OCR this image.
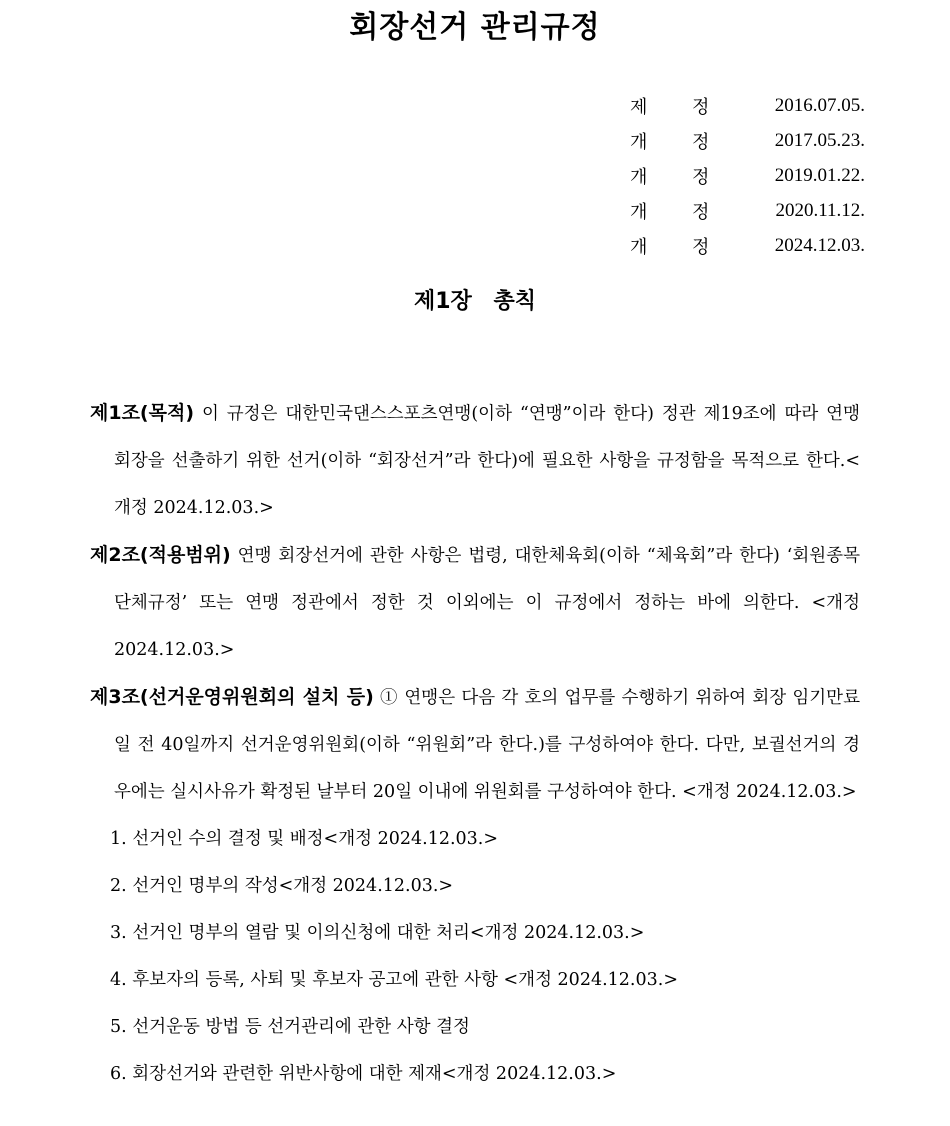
회장선거 관리규정
제	정	2016.07.05.
개	정	2017.05.23.
개	정	2019.01.22.
개	정	2020.11.12.
개	정	2024.12.03.
제1장 총칙

제1조(목적) 이 규정은 대한민국댄스스포츠연맹(이하 “연맹”이라 한다) 정관 제19조에 따라 연맹 회장을 선출하기 위한 선거(이하 “회장선거”라 한다)에 필요한 사항을 규정함을 목적으로 한다.<개정 2024.12.03.>

제2조(적용범위) 연맹 회장선거에 관한 사항은 법령, 대한체육회(이하 “체육회”라 한다) ‘회원종목단체규정’ 또는 연맹 정관에서 정한 것 이외에는 이 규정에서 정하는 바에 의한다. <개정 2024.12.03.>

제3조(선거운영위원회의 설치 등) ① 연맹은 다음 각 호의 업무를 수행하기 위하여 회장 임기만료일 전 40일까지 선거운영위원회(이하 “위원회”라 한다.)를 구성하여야 한다. 다만, 보궐선거의 경우에는 실시사유가 확정된 날부터 20일 이내에 위원회를 구성하여야 한다. <개정 2024.12.03.>

1. 선거인 수의 결정 및 배정<개정 2024.12.03.>

2. 선거인 명부의 작성<개정 2024.12.03.>

3. 선거인 명부의 열람 및 이의신청에 대한 처리<개정 2024.12.03.>

4. 후보자의 등록, 사퇴 및 후보자 공고에 관한 사항 <개정 2024.12.03.>

5. 선거운동 방법 등 선거관리에 관한 사항 결정

6. 회장선거와 관련한 위반사항에 대한 제재<개정 2024.12.03.>
